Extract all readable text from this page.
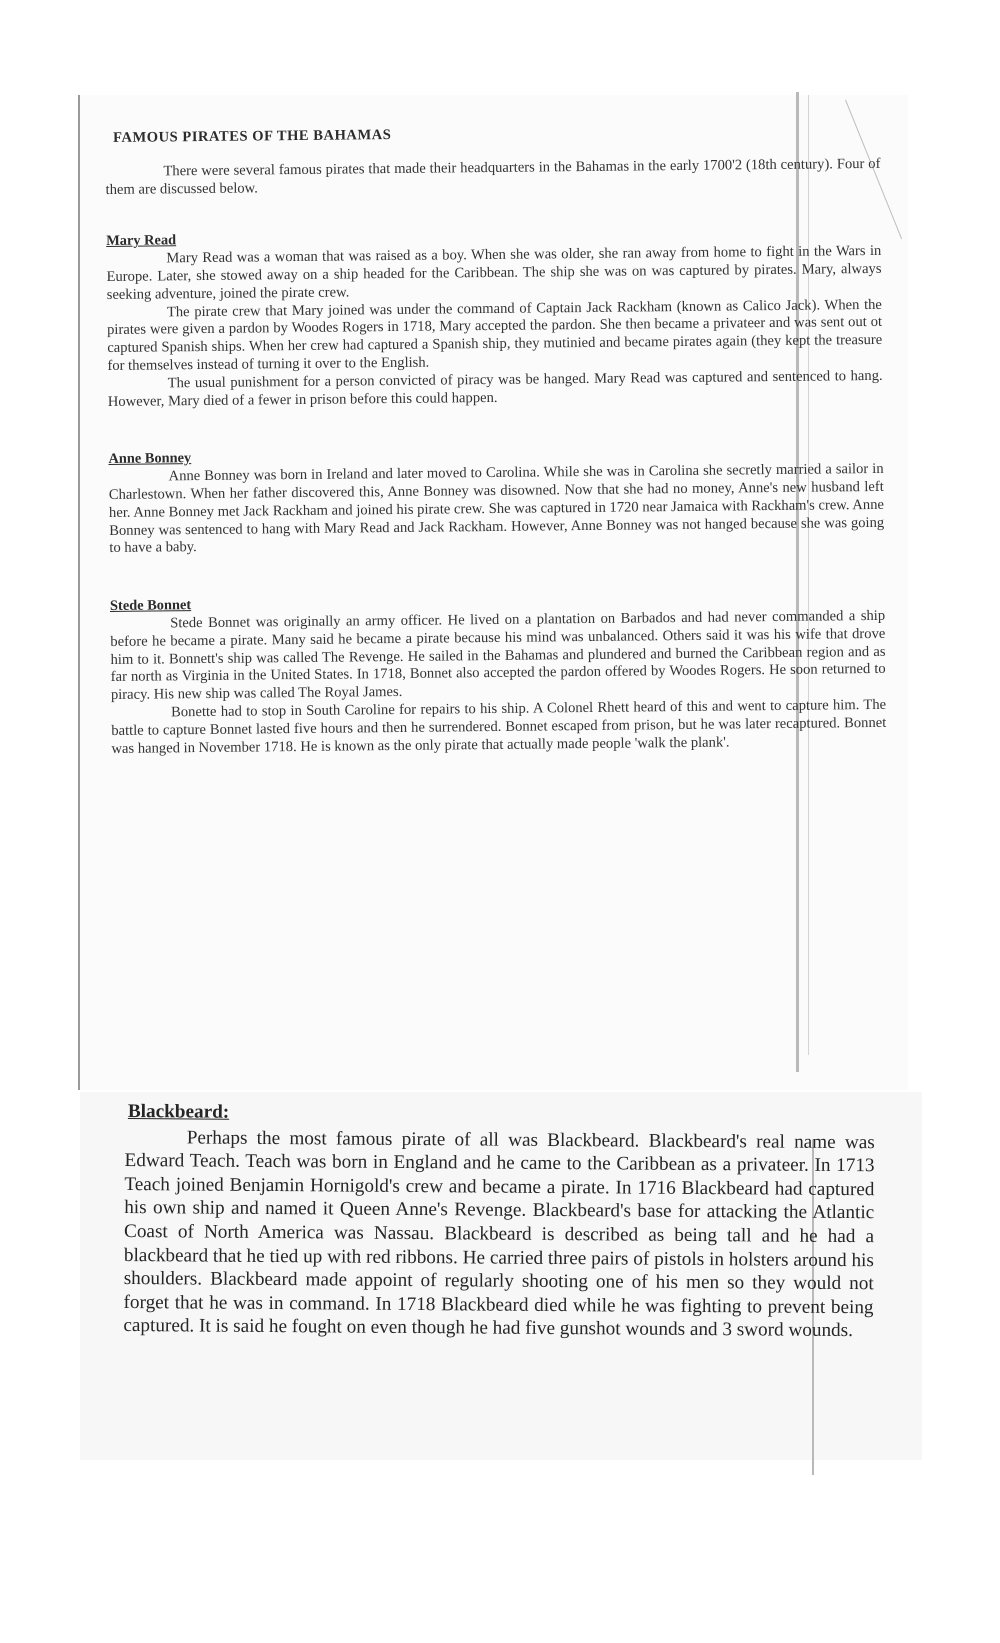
FAMOUS PIRATES OF THE BAHAMAS

There were several famous pirates that made their headquarters in the Bahamas in the early 1700'2 (18th century). Four of them are discussed below.

Mary Read

Mary Read was a woman that was raised as a boy. When she was older, she ran away from home to fight in the Wars in Europe. Later, she stowed away on a ship headed for the Caribbean. The ship she was on was captured by pirates. Mary, always seeking adventure, joined the pirate crew.

The pirate crew that Mary joined was under the command of Captain Jack Rackham (known as Calico Jack). When the pirates were given a pardon by Woodes Rogers in 1718, Mary accepted the pardon. She then became a privateer and was sent out ot captured Spanish ships. When her crew had captured a Spanish ship, they mutinied and became pirates again (they kept the treasure for themselves instead of turning it over to the English.

The usual punishment for a person convicted of piracy was be hanged. Mary Read was captured and sentenced to hang. However, Mary died of a fewer in prison before this could happen.

Anne Bonney

Anne Bonney was born in Ireland and later moved to Carolina. While she was in Carolina she secretly married a sailor in Charlestown. When her father discovered this, Anne Bonney was disowned. Now that she had no money, Anne's new husband left her. Anne Bonney met Jack Rackham and joined his pirate crew. She was captured in 1720 near Jamaica with Rackham's crew. Anne Bonney was sentenced to hang with Mary Read and Jack Rackham. However, Anne Bonney was not hanged because she was going to have a baby.

Stede Bonnet

Stede Bonnet was originally an army officer. He lived on a plantation on Barbados and had never commanded a ship before he became a pirate. Many said he became a pirate because his mind was unbalanced. Others said it was his wife that drove him to it. Bonnett's ship was called The Revenge. He sailed in the Bahamas and plundered and burned the Caribbean region and as far north as Virginia in the United States. In 1718, Bonnet also accepted the pardon offered by Woodes Rogers. He soon returned to piracy. His new ship was called The Royal James.

Bonette had to stop in South Caroline for repairs to his ship. A Colonel Rhett heard of this and went to capture him. The battle to capture Bonnet lasted five hours and then he surrendered. Bonnet escaped from prison, but he was later recaptured. Bonnet was hanged in November 1718. He is known as the only pirate that actually made people 'walk the plank'.

Blackbeard:

Perhaps the most famous pirate of all was Blackbeard. Blackbeard's real name was Edward Teach. Teach was born in England and he came to the Caribbean as a privateer. In 1713 Teach joined Benjamin Hornigold's crew and became a pirate. In 1716 Blackbeard had captured his own ship and named it Queen Anne's Revenge. Blackbeard's base for attacking the Atlantic Coast of North America was Nassau. Blackbeard is described as being tall and he had a blackbeard that he tied up with red ribbons. He carried three pairs of pistols in holsters around his shoulders. Blackbeard made appoint of regularly shooting one of his men so they would not forget that he was in command. In 1718 Blackbeard died while he was fighting to prevent being captured. It is said he fought on even though he had five gunshot wounds and 3 sword wounds.
